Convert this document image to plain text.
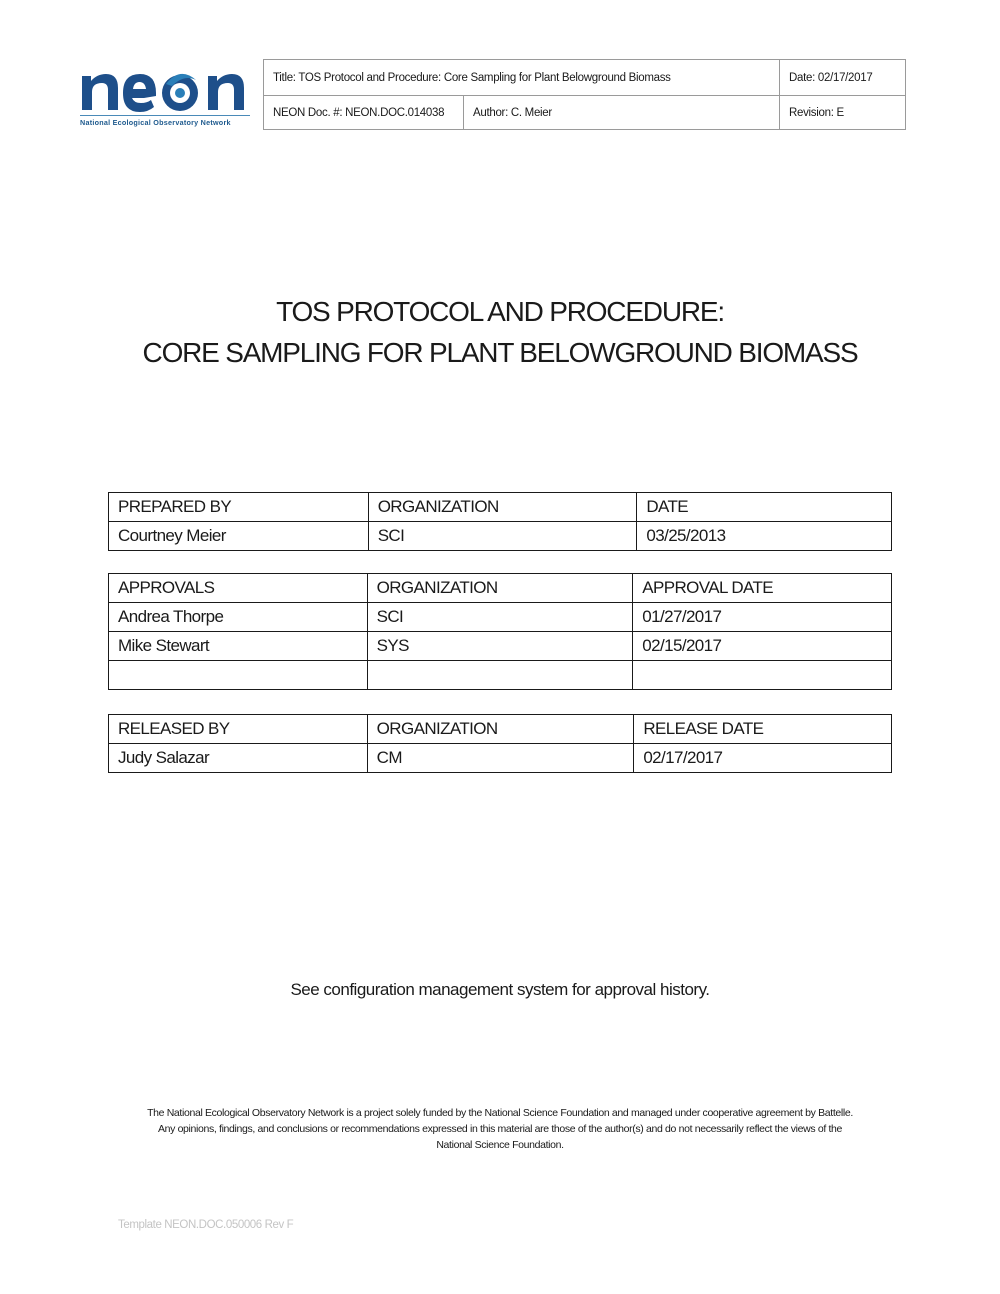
National Ecological Observatory Network
Title: TOS Protocol and Procedure: Core Sampling for Plant Belowground Biomass	Date: 02/17/2017
NEON Doc. #: NEON.DOC.014038	Author: C. Meier	Revision: E
TOS PROTOCOL AND PROCEDURE:
CORE SAMPLING FOR PLANT BELOWGROUND BIOMASS
PREPARED BY	ORGANIZATION	DATE
Courtney Meier	SCI	03/25/2013
APPROVALS	ORGANIZATION	APPROVAL DATE
Andrea Thorpe	SCI	01/27/2017
Mike Stewart	SYS	02/15/2017

RELEASED BY	ORGANIZATION	RELEASE DATE
Judy Salazar	CM	02/17/2017
See configuration management system for approval history.
The National Ecological Observatory Network is a project solely funded by the National Science Foundation and managed under cooperative agreement by Battelle.
Any opinions, findings, and conclusions or recommendations expressed in this material are those of the author(s) and do not necessarily reflect the views of the
National Science Foundation.
Template NEON.DOC.050006 Rev F
